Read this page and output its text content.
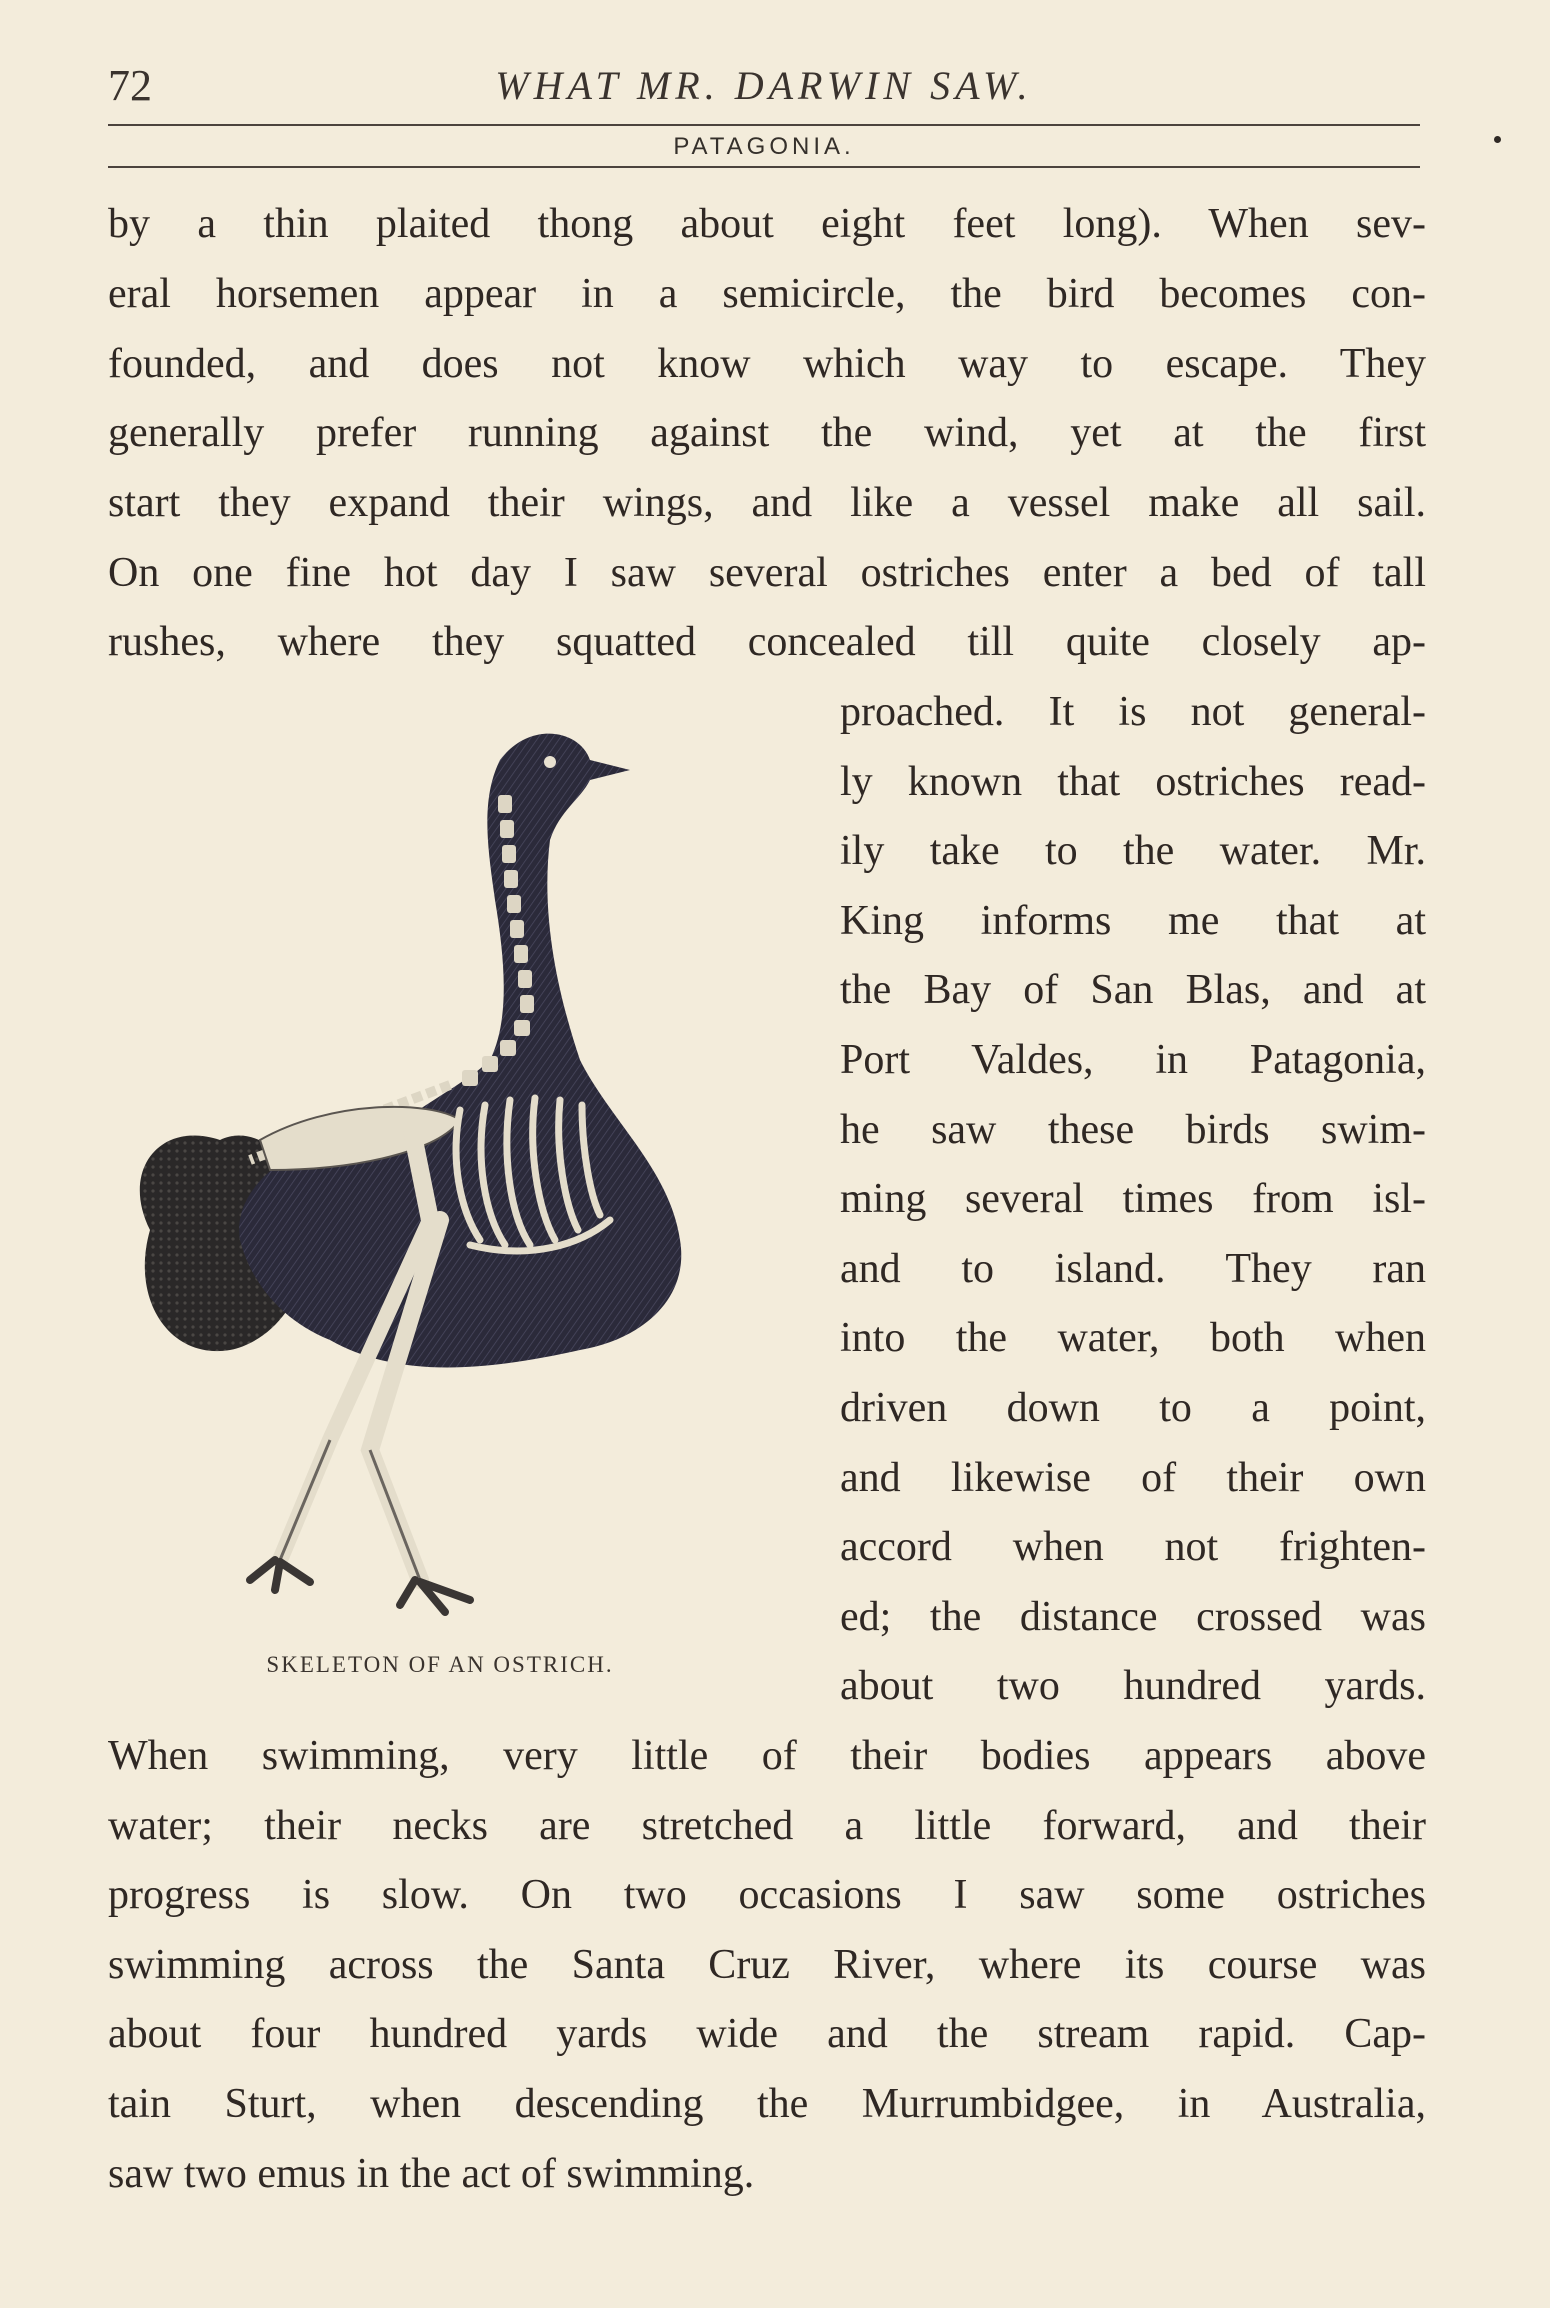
72	WHAT MR. DARWIN SAW.
PATAGONIA.
by a thin plaited thong about eight feet long). When sev-
eral horsemen appear in a semicircle, the bird becomes con-
founded, and does not know which way to escape. They
generally prefer running against the wind, yet at the first
start they expand their wings, and like a vessel make all sail.
On one fine hot day I saw several ostriches enter a bed of tall
rushes, where they squatted concealed till quite closely ap-
proached. It is not general-
ly known that ostriches read-
ily take to the water. Mr.
King informs me that at
the Bay of San Blas, and at
Port Valdes, in Patagonia,
he saw these birds swim-
ming several times from isl-
and to island. They ran
into the water, both when
driven down to a point,
and likewise of their own
accord when not frighten-
ed; the distance crossed was
about two hundred yards.
When swimming, very little of their bodies appears above
water; their necks are stretched a little forward, and their
progress is slow. On two occasions I saw some ostriches
swimming across the Santa Cruz River, where its course was
about four hundred yards wide and the stream rapid. Cap-
tain Sturt, when descending the Murrumbidgee, in Australia,
saw two emus in the act of swimming.
SKELETON OF AN OSTRICH.
